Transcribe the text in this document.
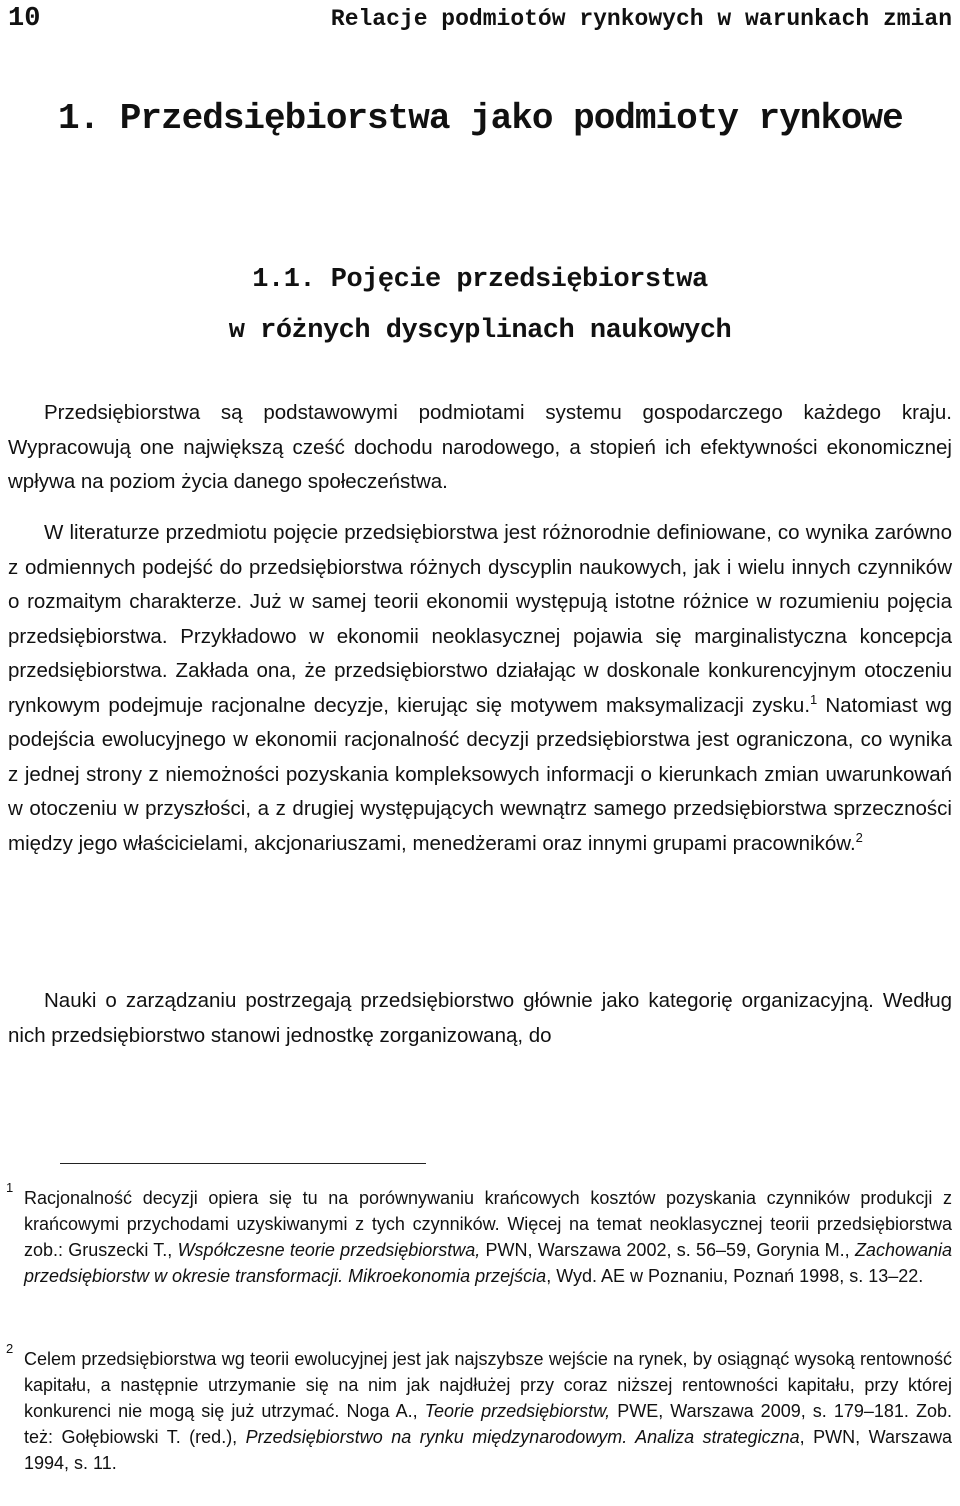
10	Relacje podmiotów rynkowych w warunkach zmian
1. Przedsiębiorstwa jako podmioty rynkowe
1.1. Pojęcie przedsiębiorstwa
w różnych dyscyplinach naukowych

Przedsiębiorstwa są podstawowymi podmiotami systemu gospodarczego każdego kraju. Wypracowują one największą cześć dochodu narodowego, a stopień ich efektywności ekonomicznej wpływa na poziom życia danego społeczeństwa.

W literaturze przedmiotu pojęcie przedsiębiorstwa jest różnorodnie definiowane, co wynika zarówno z odmiennych podejść do przedsiębiorstwa różnych dyscyplin naukowych, jak i wielu innych czynników o rozmaitym charakterze. Już w samej teorii ekonomii występują istotne różnice w rozumieniu pojęcia przedsiębiorstwa. Przykładowo w ekonomii neoklasycznej pojawia się marginalistyczna koncepcja przedsiębiorstwa. Zakłada ona, że przedsiębiorstwo działając w doskonale konkurencyjnym otoczeniu rynkowym podejmuje racjonalne decyzje, kierując się motywem maksymalizacji zysku.$^1$ Natomiast wg podejścia ewolucyjnego w ekonomii racjonalność decyzji przedsiębiorstwa jest ograniczona, co wynika z jednej strony z niemożności pozyskania kompleksowych informacji o kierunkach zmian uwarunkowań w otoczeniu w przyszłości, a z drugiej występujących wewnątrz samego przedsiębiorstwa sprzeczności między jego właścicielami, akcjonariuszami, menedżerami oraz innymi grupami pracowników.$^2$

Nauki o zarządzaniu postrzegają przedsiębiorstwo głównie jako kategorię organizacyjną. Według nich przedsiębiorstwo stanowi jednostkę zorganizowaną, do

1
Racjonalność decyzji opiera się tu na porównywaniu krańcowych kosztów pozyskania czynników produkcji z krańcowymi przychodami uzyskiwanymi z tych czynników. Więcej na temat neoklasycznej teorii przedsiębiorstwa zob.: Gruszecki T., Współczesne teorie przedsiębiorstwa, PWN, Warszawa 2002, s. 56–59, Gorynia M., Zachowania przedsiębiorstw w okresie transformacji. Mikroekonomia przejścia, Wyd. AE w Poznaniu, Poznań 1998, s. 13–22.
2
Celem przedsiębiorstwa wg teorii ewolucyjnej jest jak najszybsze wejście na rynek, by osiągnąć wysoką rentowność kapitału, a następnie utrzymanie się na nim jak najdłużej przy coraz niższej rentowności kapitału, przy której konkurenci nie mogą się już utrzymać. Noga A., Teorie przedsiębiorstw, PWE, Warszawa 2009, s. 179–181. Zob. też: Gołębiowski T. (red.), Przedsiębiorstwo na rynku międzynarodowym. Analiza strategiczna, PWN, Warszawa 1994, s. 11.
